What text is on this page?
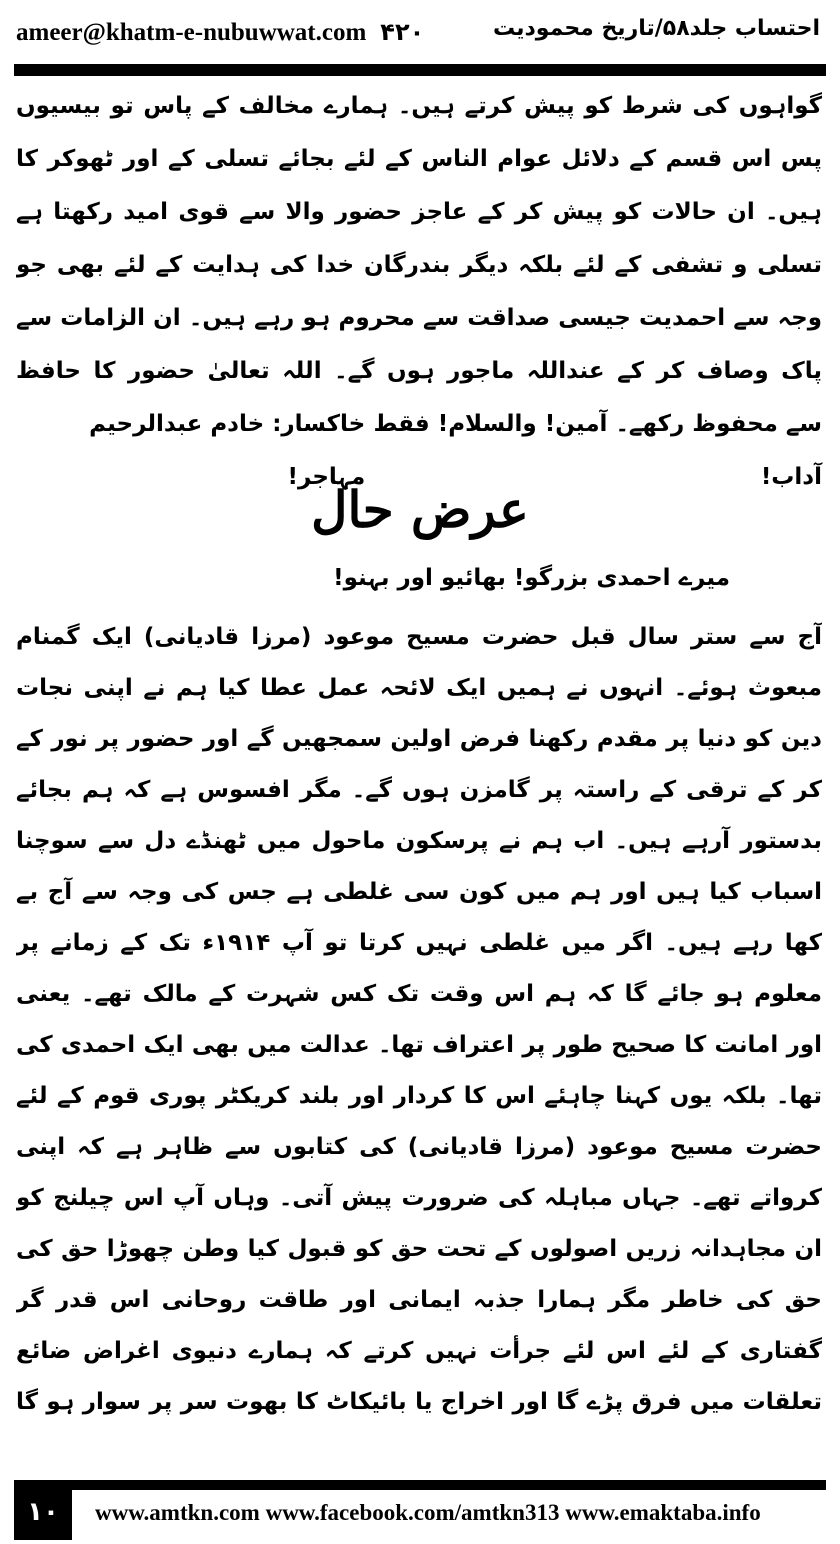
ameer@khatm-e-nubuwwat.com ۴۲۰	احتساب جلد۵۸/تاریخ محمودیت
گواہوں کی شرط کو پیش کرتے ہیں۔ ہمارے مخالف کے پاس تو بیسیوں
پس اس قسم کے دلائل عوام الناس کے لئے بجائے تسلی کے اور ٹھوکر کا
ہیں۔ ان حالات کو پیش کر کے عاجز حضور والا سے قوی امید رکھتا ہے
تسلی و تشفی کے لئے بلکہ دیگر بندرگان خدا کی ہدایت کے لئے بھی جو
وجہ سے احمدیت جیسی صداقت سے محروم ہو رہے ہیں۔ ان الزامات سے
پاک وصاف کر کے عنداللہ ماجور ہوں گے۔ اللہ تعالیٰ حضور کا حافظ
سے محفوظ رکھے۔ آمین! والسلام! فقط آداب!
خاکسار: خادم عبدالرحیم مہاجر!
عرض حال
میرے احمدی بزرگو! بھائیو اور بہنو!
آج سے ستر سال قبل حضرت مسیح موعود (مرزا قادیانی) ایک گمنام
مبعوث ہوئے۔ انہوں نے ہمیں ایک لائحہ عمل عطا کیا ہم نے اپنی نجات
دین کو دنیا پر مقدم رکھنا فرض اولین سمجھیں گے اور حضور پر نور کے
کر کے ترقی کے راستہ پر گامزن ہوں گے۔ مگر افسوس ہے کہ ہم بجائے
بدستور آرہے ہیں۔ اب ہم نے پرسکون ماحول میں ٹھنڈے دل سے سوچنا
اسباب کیا ہیں اور ہم میں کون سی غلطی ہے جس کی وجہ سے آج بے
کھا رہے ہیں۔ اگر میں غلطی نہیں کرتا تو آپ ۱۹۱۴ء تک کے زمانے پر
معلوم ہو جائے گا کہ ہم اس وقت تک کس شہرت کے مالک تھے۔ یعنی
اور امانت کا صحیح طور پر اعتراف تھا۔ عدالت میں بھی ایک احمدی کی
تھا۔ بلکہ یوں کہنا چاہئے اس کا کردار اور بلند کریکٹر پوری قوم کے لئے
حضرت مسیح موعود (مرزا قادیانی) کی کتابوں سے ظاہر ہے کہ اپنی
کرواتے تھے۔ جہاں مباہلہ کی ضرورت پیش آتی۔ وہاں آپ اس چیلنج کو
ان مجاہدانہ زریں اصولوں کے تحت حق کو قبول کیا وطن چھوڑا حق کی
حق کی خاطر مگر ہمارا جذبہ ایمانی اور طاقت روحانی اس قدر گر
گفتاری کے لئے اس لئے جرأت نہیں کرتے کہ ہمارے دنیوی اغراض ضائع
تعلقات میں فرق پڑے گا اور اخراج یا بائیکاٹ کا بھوت سر پر سوار ہو گا
۱۰	www.amtkn.com www.facebook.com/amtkn313 www.emaktaba.info
